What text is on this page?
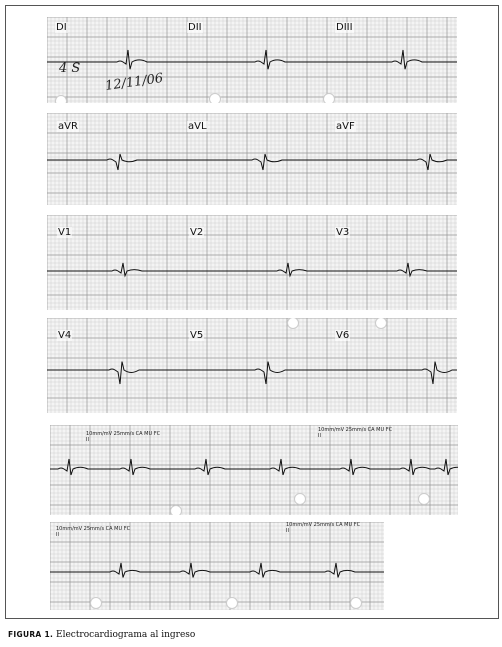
DI	DII	DIII
4 S
12/11/06
aVR	aVL	aVF
V1	V2	V3
V4	V5	V6
10mm/mV 25mm/s CA MU FC
II
10mm/mV 25mm/s CA MU FC
II
10mm/mV 25mm/s CA MU FC
II
10mm/mV 25mm/s CA MU FC
II
FIGURA 1. Electrocardiograma al ingreso
